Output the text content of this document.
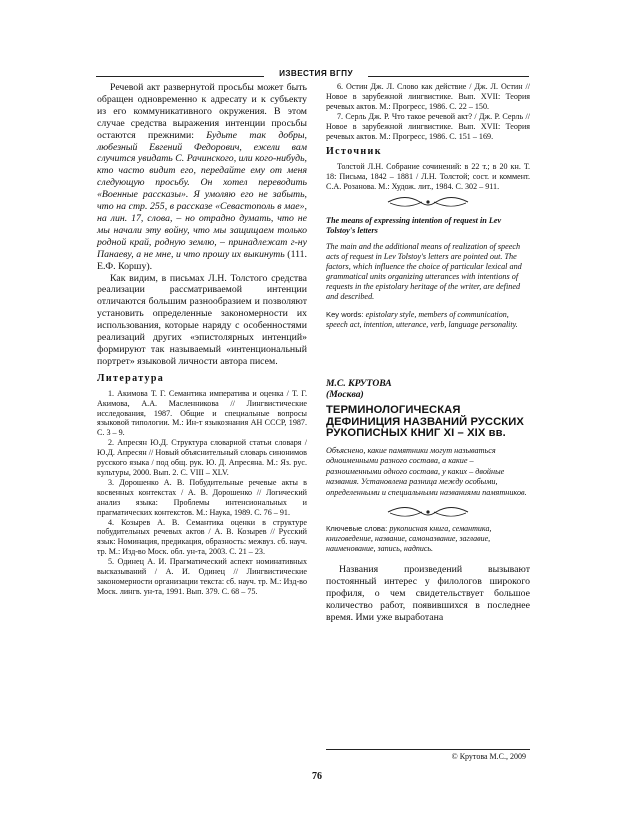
ИЗВЕСТИЯ ВГПУ

Речевой акт развернутой просьбы может быть обращен одновременно к адресату и к субъекту из его коммуникативного окружения. В этом случае средства выражения интенции просьбы остаются прежними: Будьте так добры, любезный Евгений Федорович, ежели вам случится увидать С. Рачинского, или кого-нибудь, кто часто видит его, передайте ему от меня следующую просьбу. Он хотел переводить «Военные рассказы». Я умоляю его не забыть, что на стр. 255, в рассказе «Севастополь в мае», на лин. 17, слова, – но отрадно думать, что не мы начали эту войну, что мы защищаем только родной край, родную землю, – принадлежат г-ну Панаеву, а не мне, и что прошу их выкинуть (111. Е.Ф. Коршу).

Как видим, в письмах Л.Н. Толстого средства реализации рассматриваемой интенции отличаются большим разнообразием и позволяют установить определенные закономерности их использования, которые наряду с особенностями реализаций других «эпистолярных интенций» формируют так называемый «интенциональный портрет» языковой личности автора писем.

Литература

1. Акимова Т. Г. Семантика императива и оценка / Т. Г. Акимова, А.А. Масленникова // Лингвистические исследования, 1987. Общие и специальные вопросы языковой типологии. М.: Ин-т языкознания АН СССР, 1987. С. 3 – 9.

2. Апресян Ю.Д. Структура словарной статьи словаря / Ю.Д. Апресян // Новый объяснительный словарь синонимов русского языка / под общ. рук. Ю. Д. Апресяна. М.: Яз. рус. культуры, 2000. Вып. 2. С. VIII – XLV.

3. Дорошенко А. В. Побудительные речевые акты в косвенных контекстах / А. В. Дорошенко // Логический анализ языка: Проблемы интенсиональных и прагматических контекстов. М.: Наука, 1989. С. 76 – 91.

4. Козырев А. В. Семантика оценки в структуре побудительных речевых актов / А. В. Козырев // Русский язык: Номинация, предикация, образность: межвуз. сб. науч. тр. М.: Изд-во Моск. обл. ун-та, 2003. С. 21 – 23.

5. Одинец А. И. Прагматический аспект номинативных высказываний / А. И. Одинец // Лингвистические закономерности организации текста: сб. науч. тр. М.: Изд-во Моск. лингв. ун-та, 1991. Вып. 379. С. 68 – 75.

6. Остин Дж. Л. Слово как действие / Дж. Л. Остин // Новое в зарубежной лингвистике. Вып. XVII: Теория речевых актов. М.: Прогресс, 1986. С. 22 – 150.

7. Серль Дж. Р. Что такое речевой акт? / Дж. Р. Серль // Новое в зарубежной лингвистике. Вып. XVII: Теория речевых актов. М.: Прогресс, 1986. С. 151 – 169.

Источник

Толстой Л.Н. Собрание сочинений: в 22 т.; в 20 кн. Т. 18: Письма, 1842 – 1881 / Л.Н. Толстой; сост. и коммент. С.А. Розанова. М.: Худож. лит., 1984. С. 302 – 911.

The means of expressing intention of request in Lev Tolstoy's letters

The main and the additional means of realization of speech acts of request in Lev Tolstoy's letters are pointed out. The factors, which influence the choice of particular lexical and grammatical units organizing utterances with intentions of requests in the epistolary heritage of the writer, are defined and described.

Key words: epistolary style, members of communication, speech act, intention, utterance, verb, language personality.

М.С. КРУТОВА

(Москва)

ТЕРМИНОЛОГИЧЕСКАЯ ДЕФИНИЦИЯ НАЗВАНИЙ РУССКИХ РУКОПИСНЫХ КНИГ XI – XIX вв.

Объяснено, какие памятники могут называться одноименными разного состава, а какие – разноименными одного состава, у каких – двойные названия. Установлена разница между особыми, определенными и специальными названиями памятников.

Ключевые слова: рукописная книга, семантика, книговедение, название, самоназвание, заглавие, наименование, запись, надпись.

Названия произведений вызывают постоянный интерес у филологов широкого профиля, о чем свидетельствует большое количество работ, появившихся в последнее время. Ими уже выработана

© Крутова М.С., 2009
76
